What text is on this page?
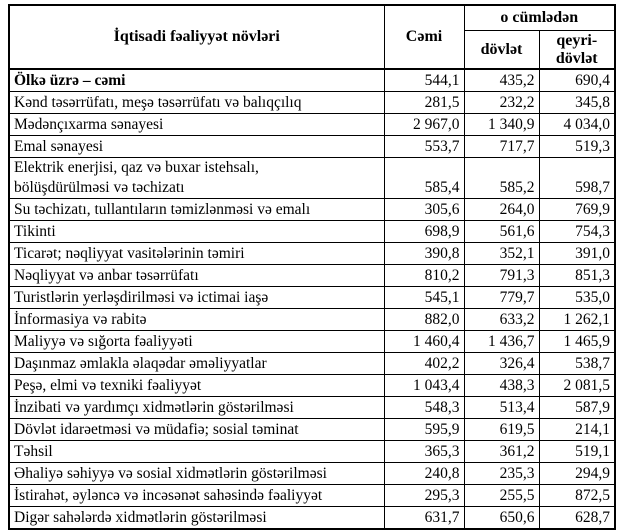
İqtisadi fəaliyyət növləri	Cəmi	o cümlədən	
		dövlət	qeyri-dövlət

Ölkə üzrə – cəmi	544,1	435,2	690,4

Kənd təsərrüfatı, meşə təsərrüfatı və balıqçılıq	281,5	232,2	345,8

Mədənçıxarma sənayesi	2 967,0	1 340,9	4 034,0

Emal sənayesi	553,7	717,7	519,3

Elektrik enerjisi, qaz və buxar istehsalı,
bölüşdürülməsi və təchizatı	585,4	585,2	598,7

Su təchizatı, tullantıların təmizlənməsi və emalı	305,6	264,0	769,9

Tikinti	698,9	561,6	754,3

Ticarət; nəqliyyat vasitələrinin təmiri	390,8	352,1	391,0

Nəqliyyat və anbar təsərrüfatı	810,2	791,3	851,3

Turistlərin yerləşdirilməsi və ictimai iaşə	545,1	779,7	535,0

İnformasiya və rabitə	882,0	633,2	1 262,1

Maliyyə və sığorta fəaliyyəti	1 460,4	1 436,7	1 465,9

Daşınmaz əmlakla əlaqədar əməliyyatlar	402,2	326,4	538,7

Peşə, elmi və texniki fəaliyyət	1 043,4	438,3	2 081,5

İnzibati və yardımçı xidmətlərin göstərilməsi	548,3	513,4	587,9

Dövlət idarəetməsi və müdafiə; sosial təminat	595,9	619,5	214,1

Təhsil	365,3	361,2	519,1

Əhaliyə səhiyyə və sosial xidmətlərin göstərilməsi	240,8	235,3	294,9

İstirahət, əyləncə və incəsənət sahəsində fəaliyyət	295,3	255,5	872,5

Digər sahələrdə xidmətlərin göstərilməsi	631,7	650,6	628,7
